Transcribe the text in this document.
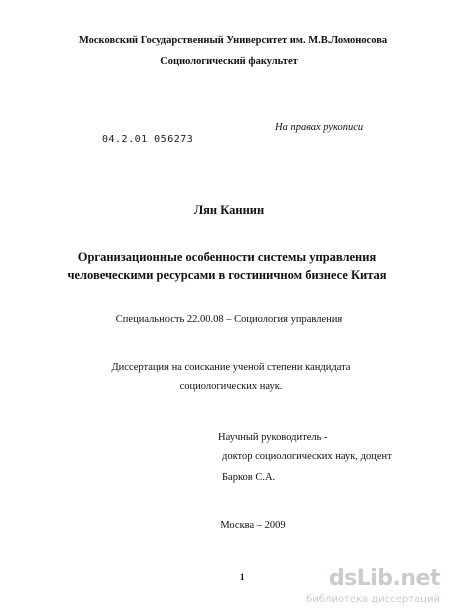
Московский Государственный Университет им. М.В.Ломоносова
Социологический факультет
На правах рукописи
04.2.01 056273
Лян Каннин
Организационные особенности системы управления
человеческими ресурсами в гостиничном бизнесе Китая
Специальность 22.00.08 – Социология управления
Диссертация на соискание ученой степени кандидата
социологических наук.
Научный руководитель -
доктор социологических наук, доцент
Барков С.А.
Москва – 2009
1	dsLib.net
библиотека диссертаций
